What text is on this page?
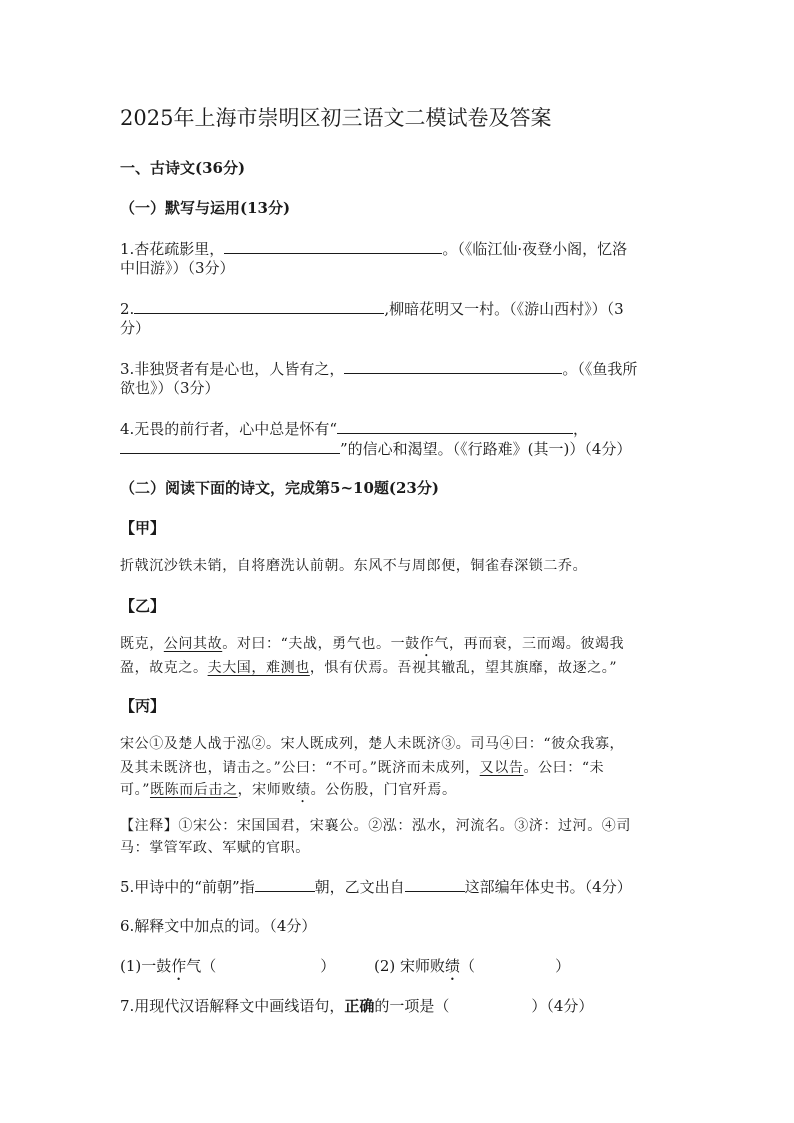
2025年上海市崇明区初三语文二模试卷及答案
一、古诗文(36分)
（一）默写与运用(13分)
1.杏花疏影里，	。（《临江仙·夜登小阁，忆洛
中旧游》）（3分）
2.	,柳暗花明又一村。（《游山西村》）（3
分）
3.非独贤者有是心也，人皆有之，	。（《鱼我所
欲也》）（3分）
4.无畏的前行者，心中总是怀有“	，
”的信心和渴望。（《行路难》(其一)）（4分）
（二）阅读下面的诗文，完成第5~10题(23分)
【甲】
折戟沉沙铁未销，自将磨洗认前朝。东风不与周郎便，铜雀春深锁二乔。
【乙】
既克，公问其故。对曰：“夫战，勇气也。一鼓作气，再而衰，三而竭。彼竭我
盈，故克之。夫大国，难测也，惧有伏焉。吾视其辙乱，望其旗靡，故逐之。”
【丙】
宋公①及楚人战于泓②。宋人既成列，楚人未既济③。司马④曰：“彼众我寡，
及其未既济也，请击之。”公曰：“不可。”既济而未成列，又以告。公曰：“未
可。”既陈而后击之，宋师败绩。公伤股，门官歼焉。
【注释】①宋公：宋国国君，宋襄公。②泓：泓水，河流名。③济：过河。④司
马：掌管军政、军赋的官职。
5.甲诗中的“前朝”指	朝，乙文出自	这部编年体史书。（4分）
6.解释文中加点的词。（4分）
(1)一鼓作气（	）	(2) 宋师败绩（	）
7.用现代汉语解释文中画线语句，正确的一项是（	）（4分）
